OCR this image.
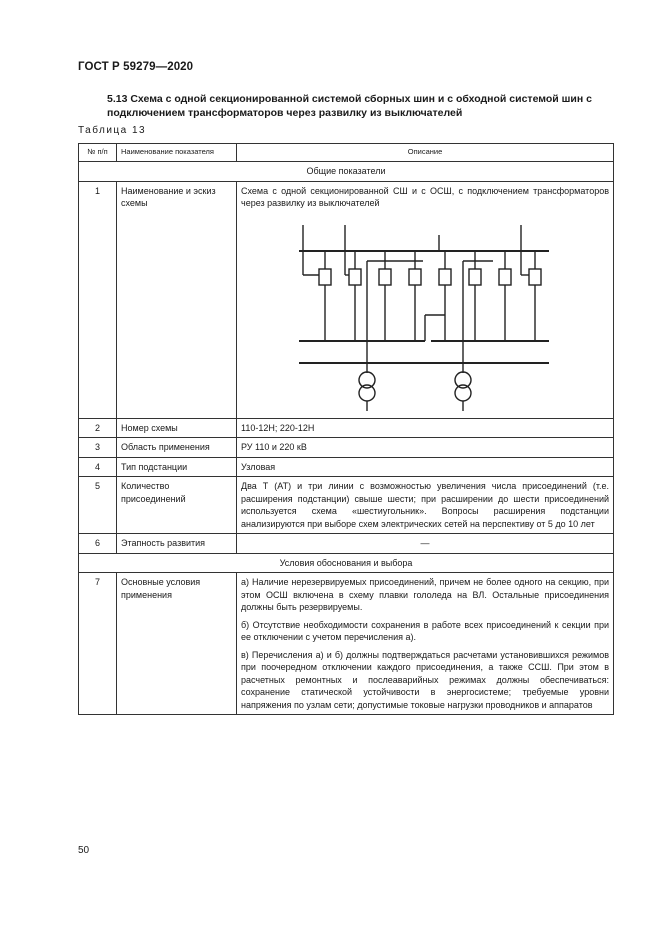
ГОСТ Р 59279—2020
5.13 Схема с одной секционированной системой сборных шин и с обходной системой шин с подключением трансформаторов через развилку из выключателей
Таблица 13
№ п/п	Наименование показателя	Описание
Общие показатели		
1	Наименование и эскиз схемы	Схема с одной секционированной СШ и с ОСШ, с подключением трансформаторов через развилку из выключателей

2	Номер схемы	110-12Н; 220-12Н
3	Область применения	РУ 110 и 220 кВ
4	Тип подстанции	Узловая
5	Количество присоединений	Два Т (АТ) и три линии с возможностью увеличения числа присоединений (т.е. расширения подстанции) свыше шести; при расширении до шести присоединений используется схема «шестиугольник». Вопросы расширения подстанции анализируются при выборе схем электрических сетей на перспективу от 5 до 10 лет

6	Этапность развития	—
Условия обоснования и выбора		
7	Основные условия применения	а) Наличие нерезервируемых присоединений, причем не более одного на секцию, при этом ОСШ включена в схему плавки гололеда на ВЛ. Остальные присоединения должны быть резервируемы.

б) Отсутствие необходимости сохранения в работе всех присоединений к секции при ее отключении с учетом перечисления а).

в) Перечисления а) и б) должны подтверждаться расчетами установившихся режимов при поочередном отключении каждого присоединения, а также ССШ. При этом в расчетных ремонтных и послеаварийных режимах должны обеспечиваться: сохранение статической устойчивости в энергосистеме; требуемые уровни напряжения по узлам сети; допустимые токовые нагрузки проводников и аппаратов

50
